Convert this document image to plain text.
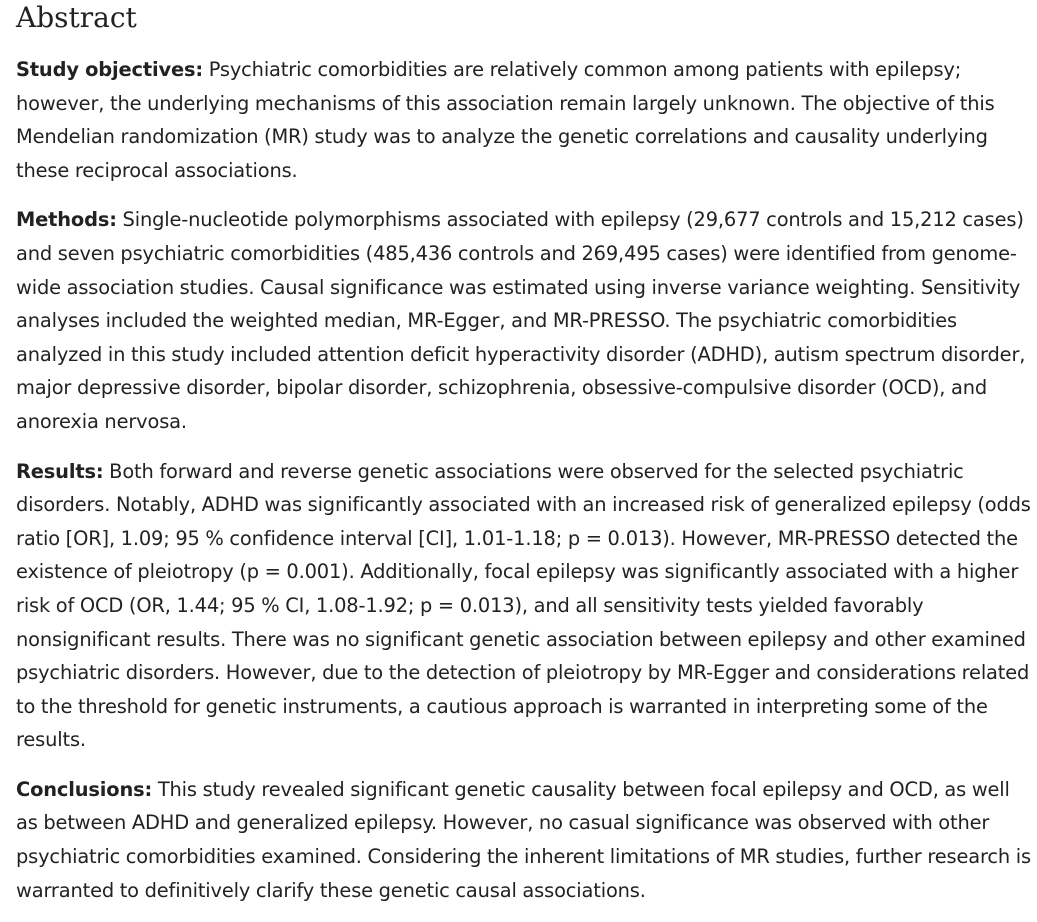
Abstract

Study objectives: Psychiatric comorbidities are relatively common among patients with epilepsy; however, the underlying mechanisms of this association remain largely unknown. The objective of this Mendelian randomization (MR) study was to analyze the genetic correlations and causality underlying these reciprocal associations.

Methods: Single-nucleotide polymorphisms associated with epilepsy (29,677 controls and 15,212 cases) and seven psychiatric comorbidities (485,436 controls and 269,495 cases) were identified from genome-wide association studies. Causal significance was estimated using inverse variance weighting. Sensitivity analyses included the weighted median, MR-Egger, and MR-PRESSO. The psychiatric comorbidities analyzed in this study included attention deficit hyperactivity disorder (ADHD), autism spectrum disorder, major depressive disorder, bipolar disorder, schizophrenia, obsessive-compulsive disorder (OCD), and anorexia nervosa.

Results: Both forward and reverse genetic associations were observed for the selected psychiatric disorders. Notably, ADHD was significantly associated with an increased risk of generalized epilepsy (odds ratio [OR], 1.09; 95 % confidence interval [CI], 1.01-1.18; p = 0.013). However, MR-PRESSO detected the existence of pleiotropy (p = 0.001). Additionally, focal epilepsy was significantly associated with a higher risk of OCD (OR, 1.44; 95 % CI, 1.08-1.92; p = 0.013), and all sensitivity tests yielded favorably nonsignificant results. There was no significant genetic association between epilepsy and other examined psychiatric disorders. However, due to the detection of pleiotropy by MR-Egger and considerations related to the threshold for genetic instruments, a cautious approach is warranted in interpreting some of the results.

Conclusions: This study revealed significant genetic causality between focal epilepsy and OCD, as well as between ADHD and generalized epilepsy. However, no casual significance was observed with other psychiatric comorbidities examined. Considering the inherent limitations of MR studies, further research is warranted to definitively clarify these genetic causal associations.
